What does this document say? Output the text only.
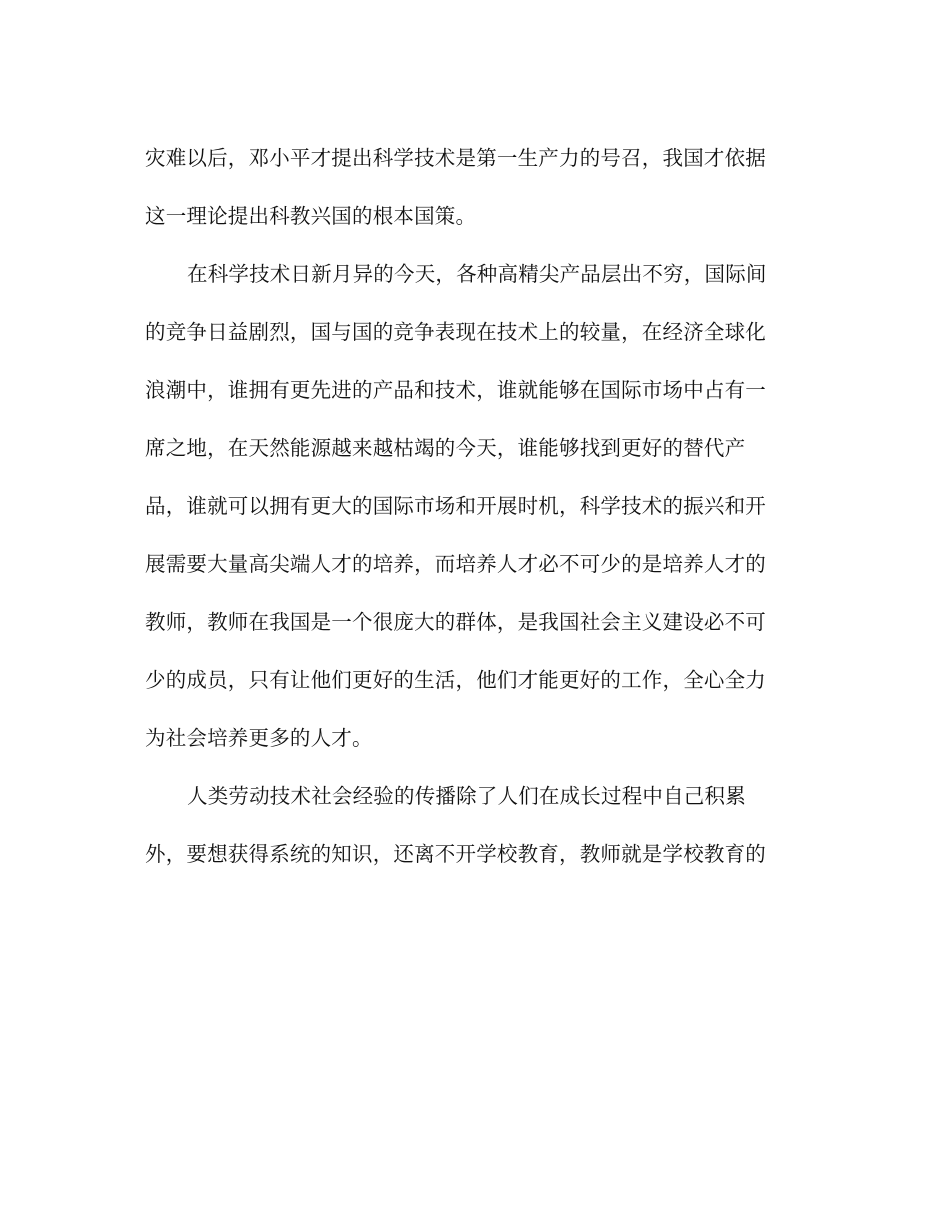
灾难以后，邓小平才提出科学技术是第一生产力的号召，我国才依据
这一理论提出科教兴国的根本国策。
在科学技术日新月异的今天，各种高精尖产品层出不穷，国际间
的竞争日益剧烈，国与国的竞争表现在技术上的较量，在经济全球化
浪潮中，谁拥有更先进的产品和技术，谁就能够在国际市场中占有一
席之地，在天然能源越来越枯竭的今天，谁能够找到更好的替代产
品，谁就可以拥有更大的国际市场和开展时机，科学技术的振兴和开
展需要大量高尖端人才的培养，而培养人才必不可少的是培养人才的
教师，教师在我国是一个很庞大的群体，是我国社会主义建设必不可
少的成员，只有让他们更好的生活，他们才能更好的工作，全心全力
为社会培养更多的人才。
人类劳动技术社会经验的传播除了人们在成长过程中自己积累
外，要想获得系统的知识，还离不开学校教育，教师就是学校教育的
